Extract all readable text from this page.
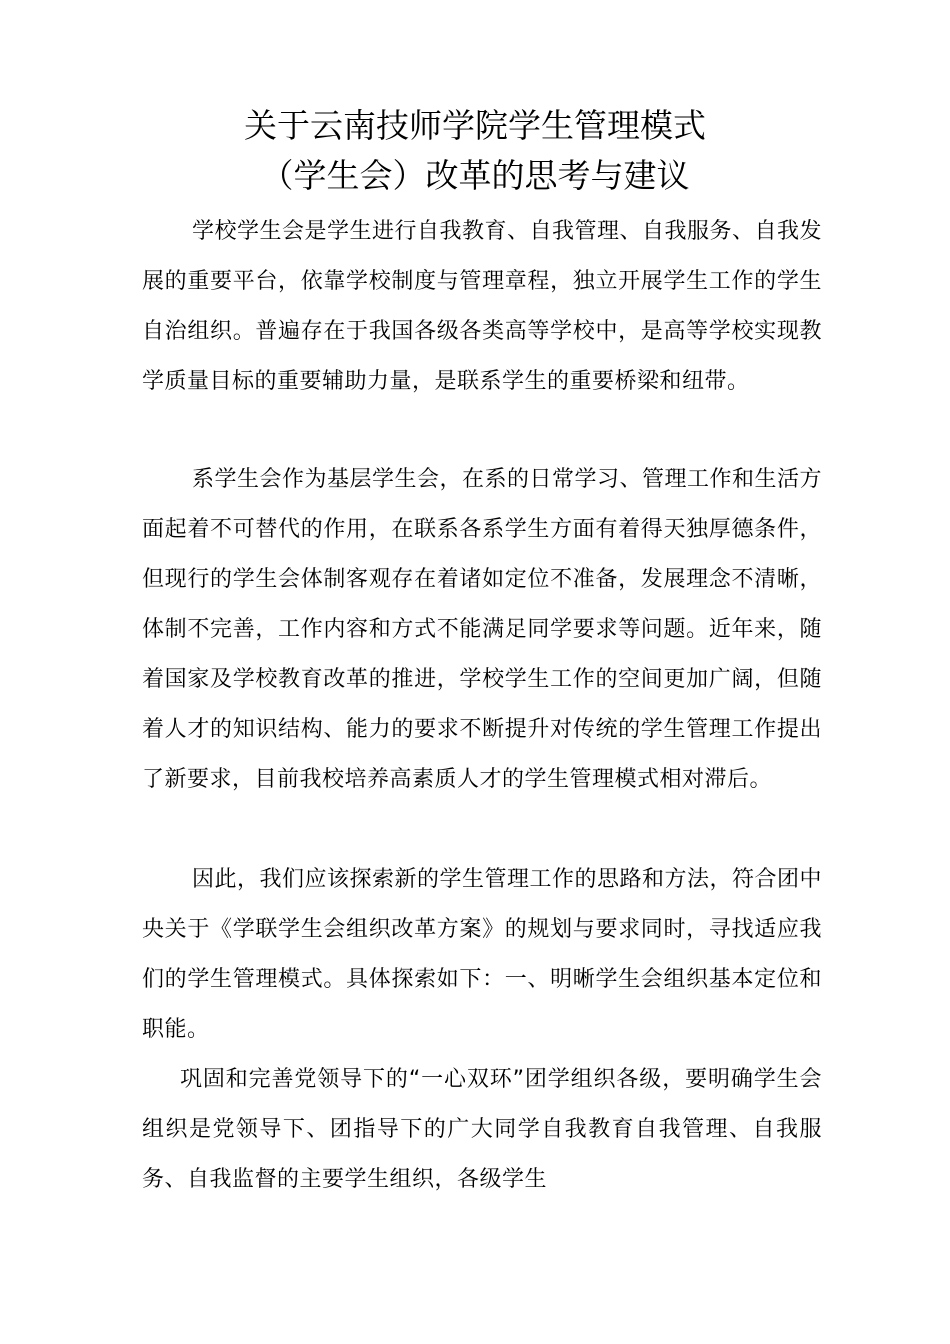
关于云南技师学院学生管理模式
（学生会）改革的思考与建议

学校学生会是学生进行自我教育、自我管理、自我服务、自我发展的重要平台，依靠学校制度与管理章程，独立开展学生工作的学生自治组织。普遍存在于我国各级各类高等学校中，是高等学校实现教学质量目标的重要辅助力量，是联系学生的重要桥梁和纽带。

系学生会作为基层学生会，在系的日常学习、管理工作和生活方面起着不可替代的作用，在联系各系学生方面有着得天独厚德条件，但现行的学生会体制客观存在着诸如定位不准备，发展理念不清晰，体制不完善，工作内容和方式不能满足同学要求等问题。近年来，随着国家及学校教育改革的推进，学校学生工作的空间更加广阔，但随着人才的知识结构、能力的要求不断提升对传统的学生管理工作提出了新要求，目前我校培养高素质人才的学生管理模式相对滞后。

因此，我们应该探索新的学生管理工作的思路和方法，符合团中央关于《学联学生会组织改革方案》的规划与要求同时，寻找适应我们的学生管理模式。具体探索如下：一、明晰学生会组织基本定位和职能。

巩固和完善党领导下的“一心双环”团学组织各级，要明确学生会组织是党领导下、团指导下的广大同学自我教育自我管理、自我服务、自我监督的主要学生组织，各级学生
